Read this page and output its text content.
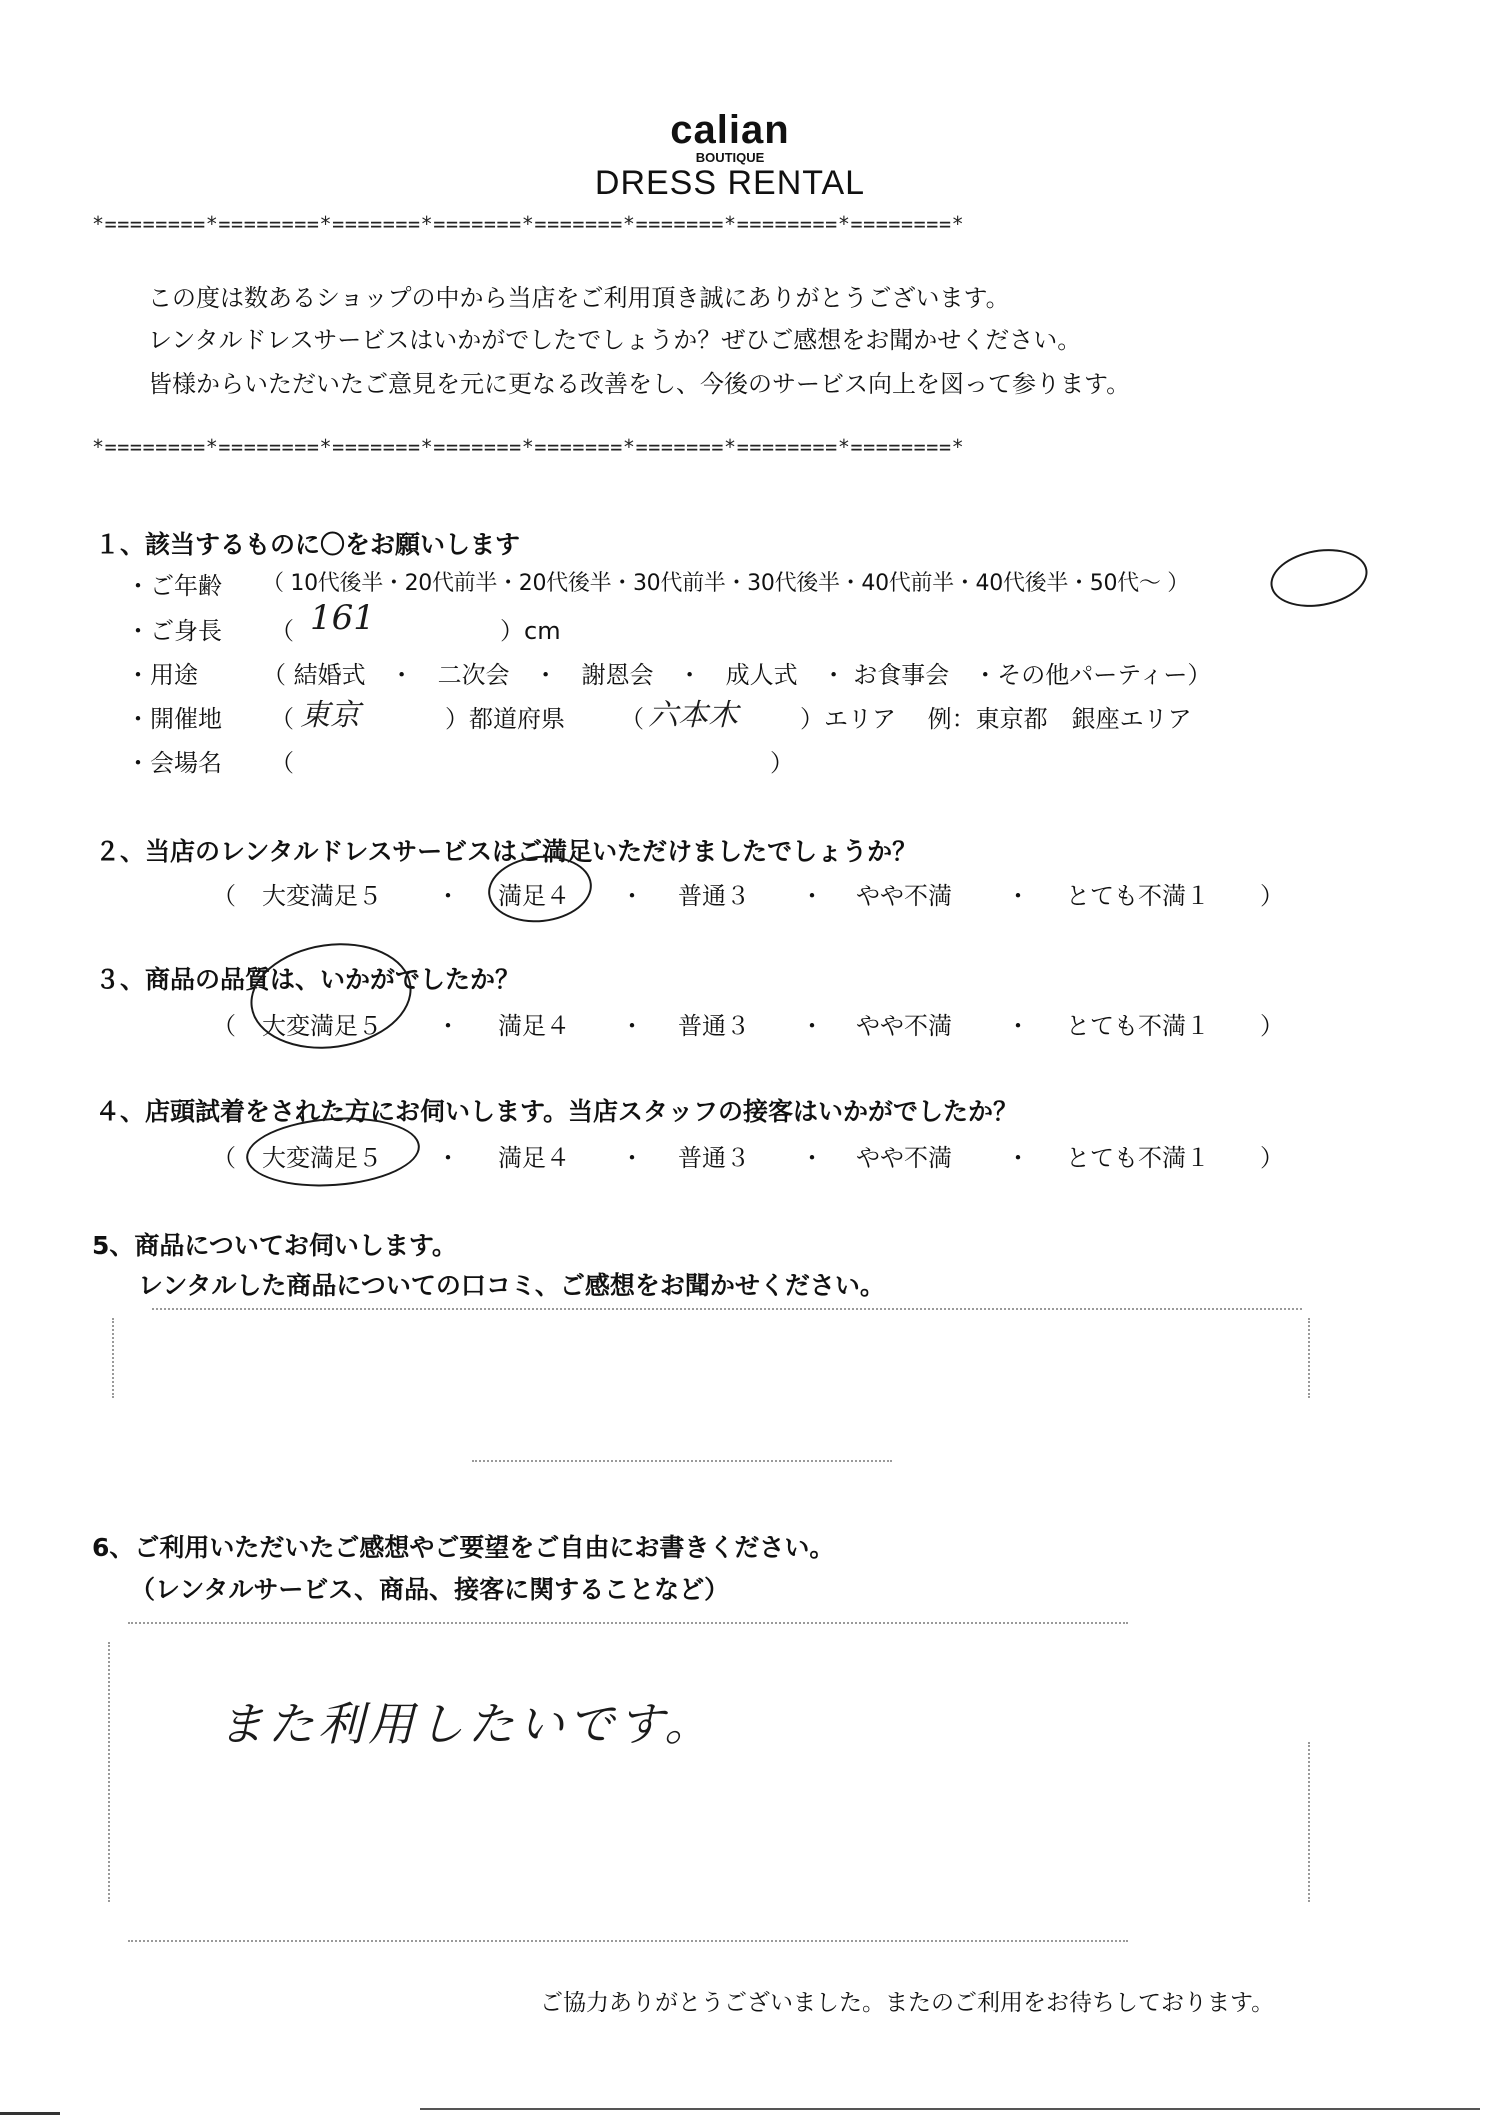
calian
BOUTIQUE
DRESS RENTAL
*========*========*=======*=======*=======*=======*========*========*
この度は数あるショップの中から当店をご利用頂き誠にありがとうございます。
レンタルドレスサービスはいかがでしたでしょうか？ぜひご感想をお聞かせください。
皆様からいただいたご意見を元に更なる改善をし、今後のサービス向上を図って参ります。
*========*========*=======*=======*=======*=======*========*========*
１、該当するものに〇をお願いします
・ご年齢 （ 10代後半・20代前半・20代後半・30代前半・30代後半・40代前半・40代後半・50代～ ）
・ご身長 （ 161	）cm
・用途	（ 結婚式　・　二次会　・　謝恩会　・　成人式　・ お食事会　・その他パーティー）
・開催地 （ 東京	）都道府県 （ 六本木	）エリア　 例：東京都　銀座エリア
・会場名 （	）
２、当店のレンタルドレスサービスはご満足いただけましたでしょうか？
（ 大変満足５ ・ 満足４ ・ 普通３ ・ やや不満 ・ とても不満１ ）
３、商品の品質は、いかがでしたか？
（ 大変満足５ ・ 満足４ ・ 普通３ ・ やや不満 ・ とても不満１ ）
４、店頭試着をされた方にお伺いします。当店スタッフの接客はいかがでしたか？
（ 大変満足５ ・ 満足４ ・ 普通３ ・ やや不満 ・ とても不満１ ）
5、商品についてお伺いします。
レンタルした商品についての口コミ、ご感想をお聞かせください。
6、ご利用いただいたご感想やご要望をご自由にお書きください。
（レンタルサービス、商品、接客に関することなど）
また利用したいです。
ご協力ありがとうございました。またのご利用をお待ちしております。
